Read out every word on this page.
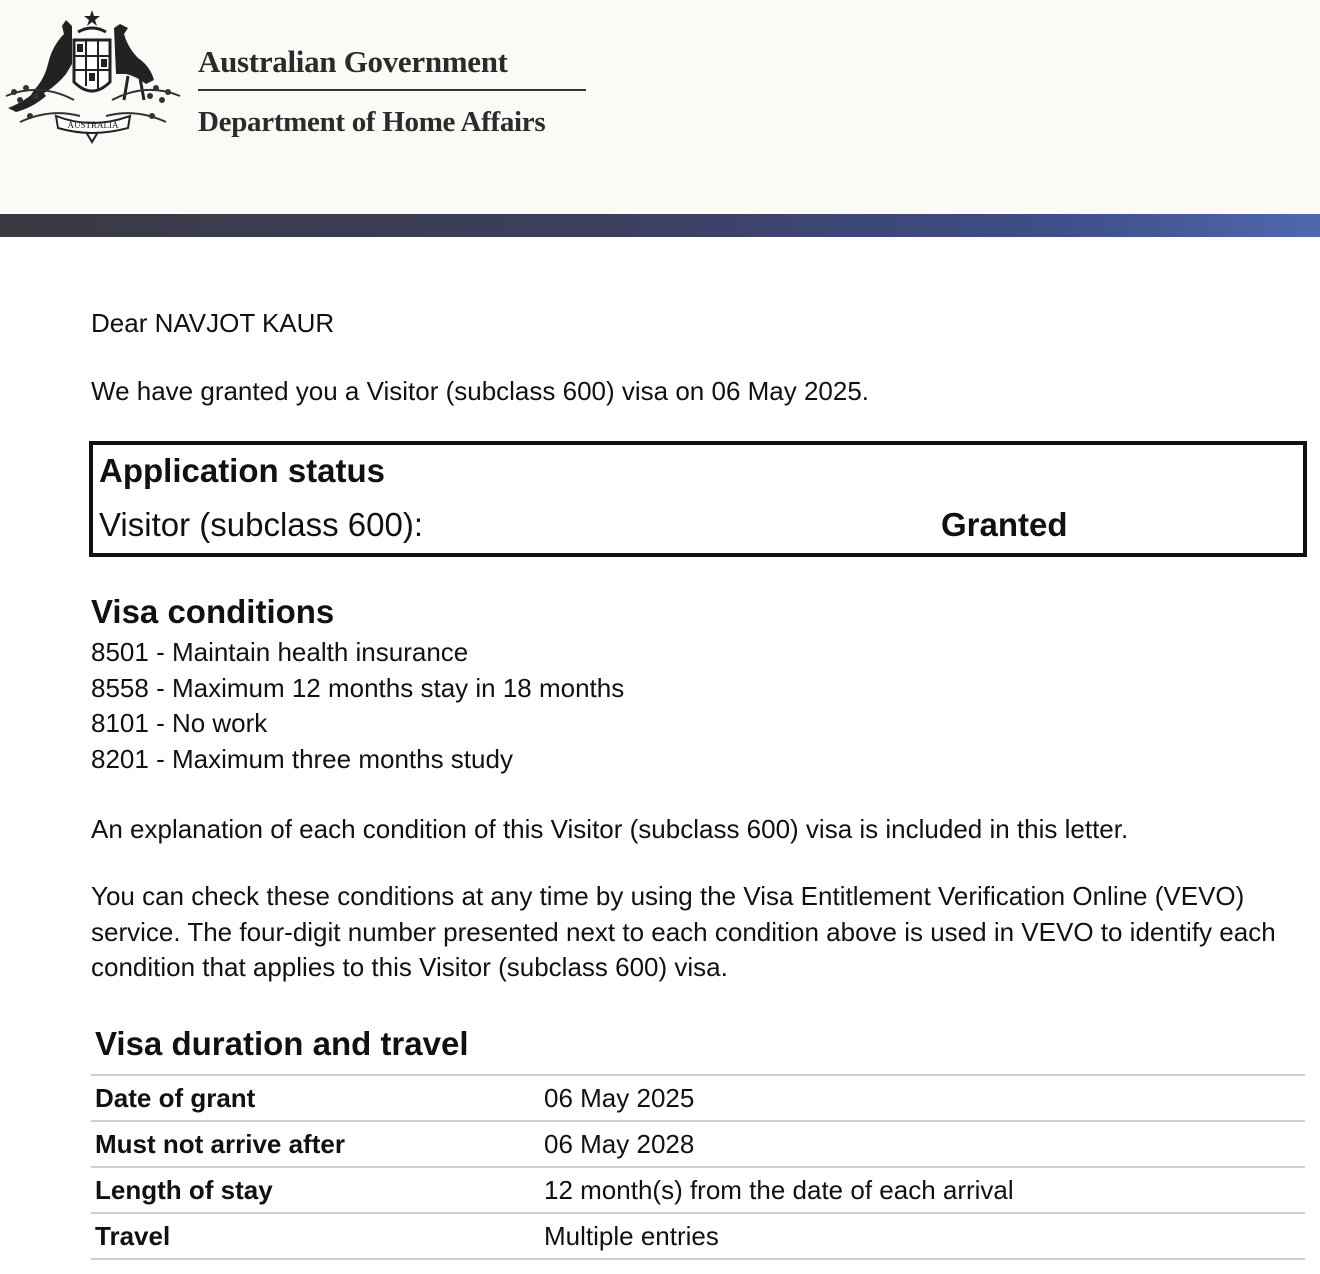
AUSTRALIA
Australian Government
Department of Home Affairs
Dear NAVJOT KAUR
We have granted you a Visitor (subclass 600) visa on 06 May 2025.
Application status
Visitor (subclass 600):	Granted
Visa conditions
8501 - Maintain health insurance
8558 - Maximum 12 months stay in 18 months
8101 - No work
8201 - Maximum three months study
An explanation of each condition of this Visitor (subclass 600) visa is included in this letter.
You can check these conditions at any time by using the Visa Entitlement Verification Online (VEVO) service. The four-digit number presented next to each condition above is used in VEVO to identify each condition that applies to this Visitor (subclass 600) visa.
Visa duration and travel
Date of grant	06 May 2025
Must not arrive after	06 May 2028
Length of stay	12 month(s) from the date of each arrival
Travel	Multiple entries
